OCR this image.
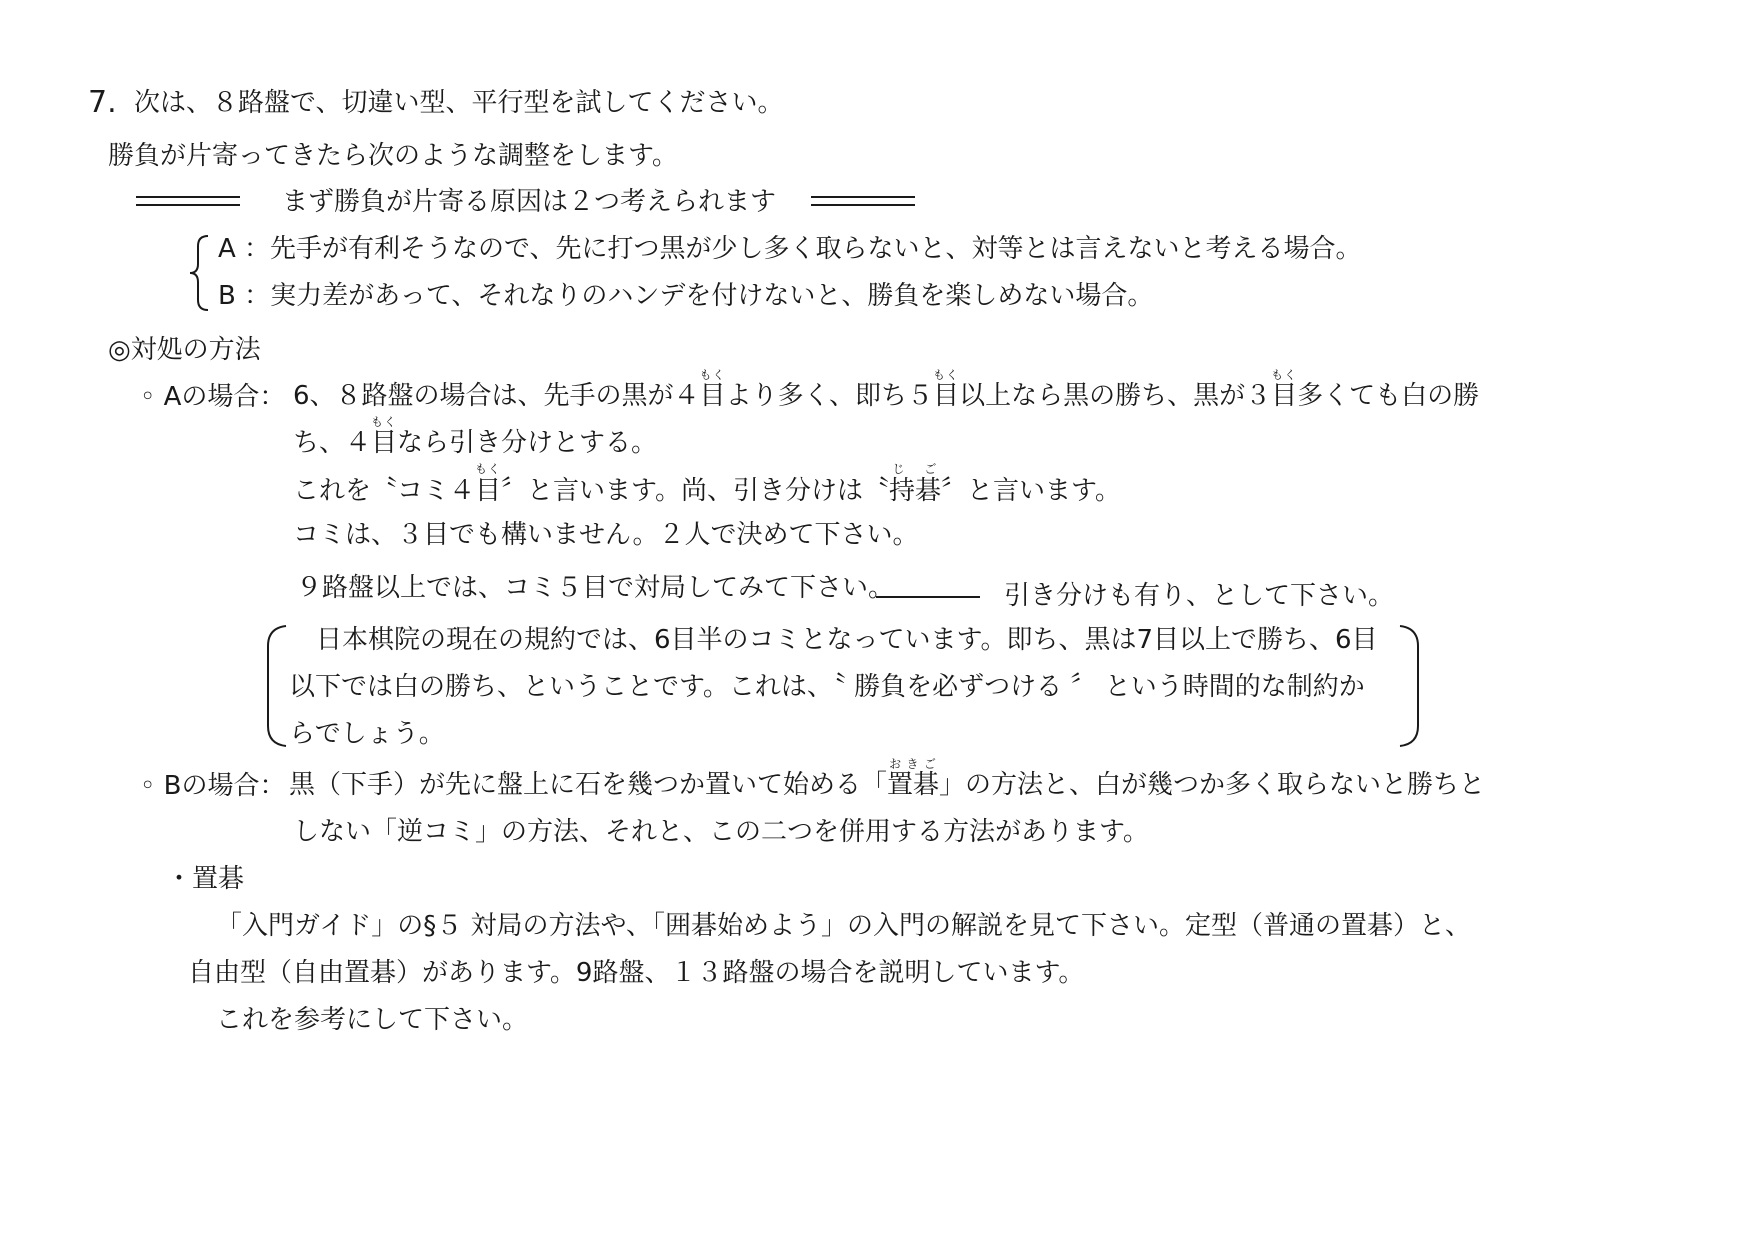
7. 次は、８路盤で、切違い型、平行型を試してください。
勝負が片寄ってきたら次のような調整をします。
まず勝負が片寄る原因は２つ考えられます
A ：先手が有利そうなので、先に打つ黒が少し多く取らないと、対等とは言えないと考える場合。
B ：実力差があって、それなりのハンデを付けないと、勝負を楽しめない場合。
◎対処の方法
◦ Aの場合： 6、８路盤の場合は、先手の黒が４目もくより多く、即ち５目もく以上なら黒の勝ち、黒が３目もく多くても白の勝
ち、４目もくなら引き分けとする。
これを〝コミ４目もく〞と言います。尚、引き分けは〝持碁じ ご〞と言います。
コミは、３目でも構いません。２人で決めて下さい。
９路盤以上では、コミ５目で対局してみて下さい。	引き分けも有り、として下さい。
日本棋院の現在の規約では、6目半のコミとなっています。即ち、黒は7目以上で勝ち、6目
以下では白の勝ち、ということです。これは、〝 勝負を必ずつける 〞 という時間的な制約か
らでしょう。
◦ Bの場合： 黒（下手）が先に盤上に石を幾つか置いて始める「置碁おきご」の方法と、白が幾つか多く取らないと勝ちと
しない「逆コミ」の方法、それと、この二つを併用する方法があります。
・置碁
「入門ガイド」の§５ 対局の方法や、「囲碁始めよう」の入門の解説を見て下さい。定型（普通の置碁）と、
自由型（自由置碁）があります。9路盤、１３路盤の場合を説明しています。
これを参考にして下さい。
